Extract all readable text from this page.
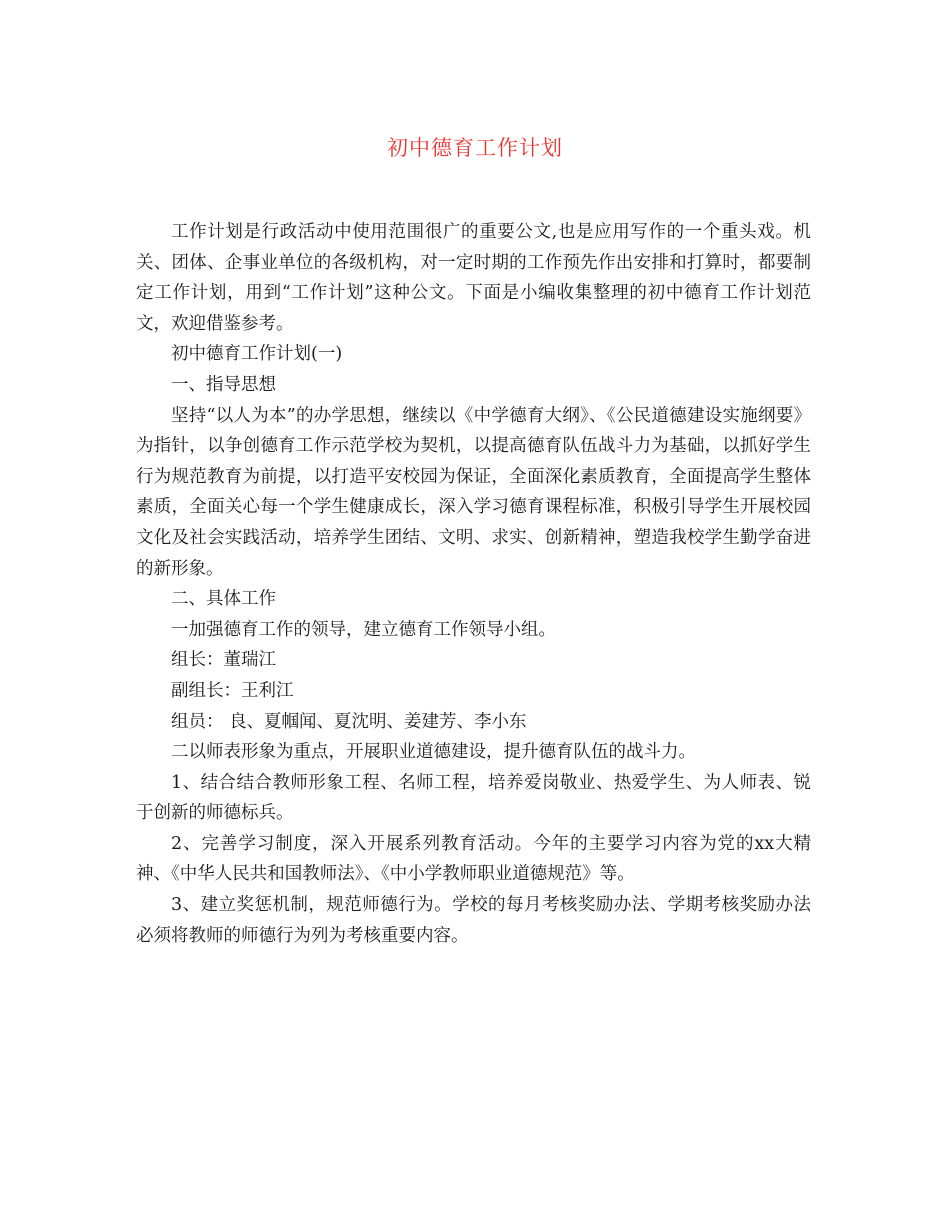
初中德育工作计划

工作计划是行政活动中使用范围很广的重要公文,也是应用写作的一个重头戏。机关、团体、企事业单位的各级机构，对一定时期的工作预先作出安排和打算时，都要制定工作计划，用到“工作计划”这种公文。下面是小编收集整理的初中德育工作计划范文，欢迎借鉴参考。

初中德育工作计划(一)

一、指导思想

坚持“以人为本”的办学思想，继续以《中学德育大纲》、《公民道德建设实施纲要》为指针，以争创德育工作示范学校为契机，以提高德育队伍战斗力为基础，以抓好学生行为规范教育为前提，以打造平安校园为保证，全面深化素质教育，全面提高学生整体素质，全面关心每一个学生健康成长，深入学习德育课程标准，积极引导学生开展校园文化及社会实践活动，培养学生团结、文明、求实、创新精神，塑造我校学生勤学奋进的新形象。

二、具体工作

一加强德育工作的领导，建立德育工作领导小组。

组长：董瑞江

副组长：王利江

组员： 良、夏帼闻、夏沈明、姜建芳、李小东

二以师表形象为重点，开展职业道德建设，提升德育队伍的战斗力。

1、结合结合教师形象工程、名师工程，培养爱岗敬业、热爱学生、为人师表、锐于创新的师德标兵。

2、完善学习制度，深入开展系列教育活动。今年的主要学习内容为党的xx大精神、《中华人民共和国教师法》、《中小学教师职业道德规范》等。

3、建立奖惩机制，规范师德行为。学校的每月考核奖励办法、学期考核奖励办法必须将教师的师德行为列为考核重要内容。
